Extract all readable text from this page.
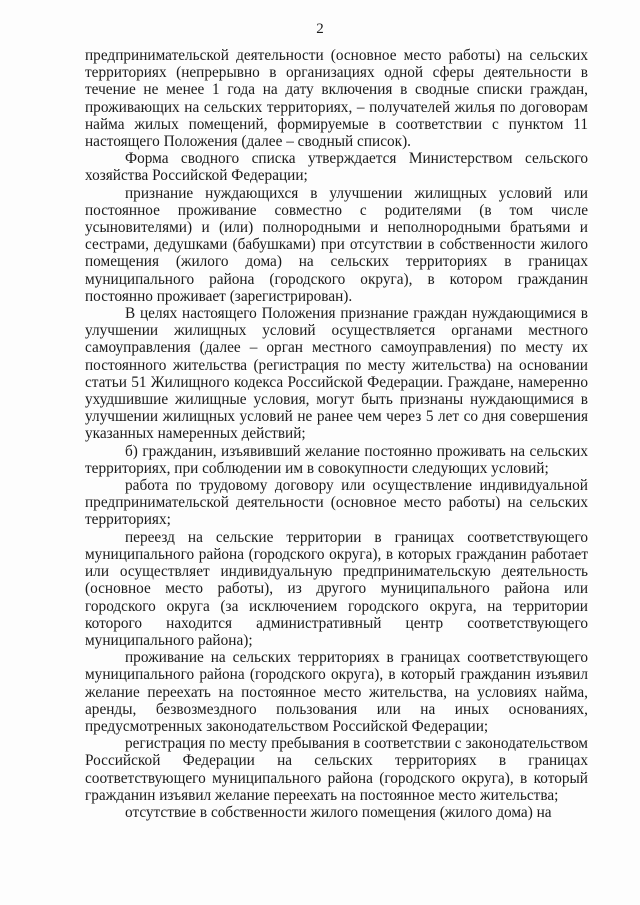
2

предпринимательской деятельности (основное место работы) на сельских территориях (непрерывно в организациях одной сферы деятельности в течение не менее 1 года на дату включения в сводные списки граждан, проживающих на сельских территориях, – получателей жилья по договорам найма жилых помещений, формируемые в соответствии с пунктом 11 настоящего Положения (далее – сводный список).

Форма сводного списка утверждается Министерством сельского хозяйства Российской Федерации;

признание нуждающихся в улучшении жилищных условий или постоянное проживание совместно с родителями (в том числе усыновителями) и (или) полнородными и неполнородными братьями и сестрами, дедушками (бабушками) при отсутствии в собственности жилого помещения (жилого дома) на сельских территориях в границах муниципального района (городского округа), в котором гражданин постоянно проживает (зарегистрирован).

В целях настоящего Положения признание граждан нуждающимися в улучшении жилищных условий осуществляется органами местного самоуправления (далее – орган местного самоуправления) по месту их постоянного жительства (регистрация по месту жительства) на основании статьи 51 Жилищного кодекса Российской Федерации. Граждане, намеренно ухудшившие жилищные условия, могут быть признаны нуждающимися в улучшении жилищных условий не ранее чем через 5 лет со дня совершения указанных намеренных действий;

б) гражданин, изъявивший желание постоянно проживать на сельских территориях, при соблюдении им в совокупности следующих условий;

работа по трудовому договору или осуществление индивидуальной предпринимательской деятельности (основное место работы) на сельских территориях;

переезд на сельские территории в границах соответствующего муниципального района (городского округа), в которых гражданин работает или осуществляет индивидуальную предпринимательскую деятельность (основное место работы), из другого муниципального района или городского округа (за исключением городского округа, на территории которого находится административный центр соответствующего муниципального района);

проживание на сельских территориях в границах соответствующего муниципального района (городского округа), в который гражданин изъявил желание переехать на постоянное место жительства, на условиях найма, аренды, безвозмездного пользования или на иных основаниях, предусмотренных законодательством Российской Федерации;

регистрация по месту пребывания в соответствии с законодательством Российской Федерации на сельских территориях в границах соответствующего муниципального района (городского округа), в который гражданин изъявил желание переехать на постоянное место жительства;

отсутствие в собственности жилого помещения (жилого дома) на
